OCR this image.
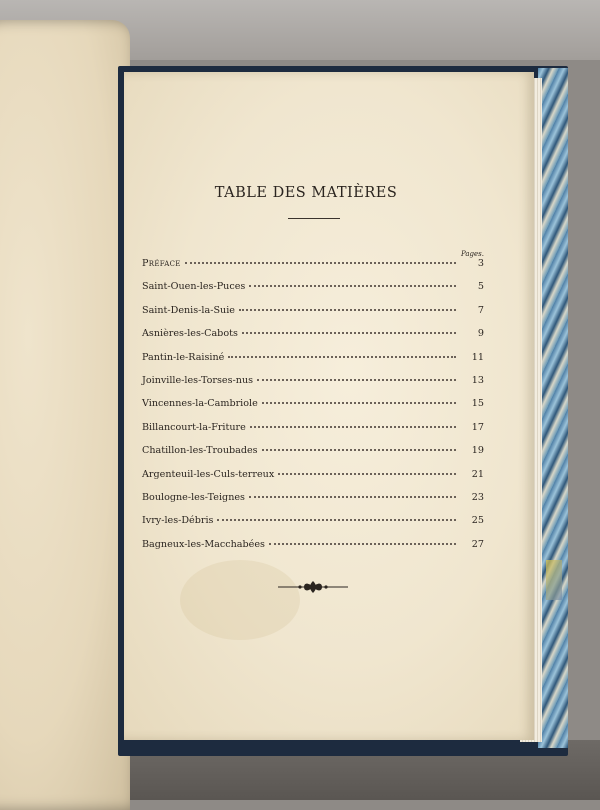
TABLE DES MATIÈRES
Pages.
Préface	3
Saint-Ouen-les-Puces	5
Saint-Denis-la-Suie	7
Asnières-les-Cabots	9
Pantin-le-Raisiné	11
Joinville-les-Torses-nus	13
Vincennes-la-Cambriole	15
Billancourt-la-Friture	17
Chatillon-les-Troubades	19
Argenteuil-les-Culs-terreux	21
Boulogne-les-Teignes	23
Ivry-les-Débris	25
Bagneux-les-Macchabées	27
